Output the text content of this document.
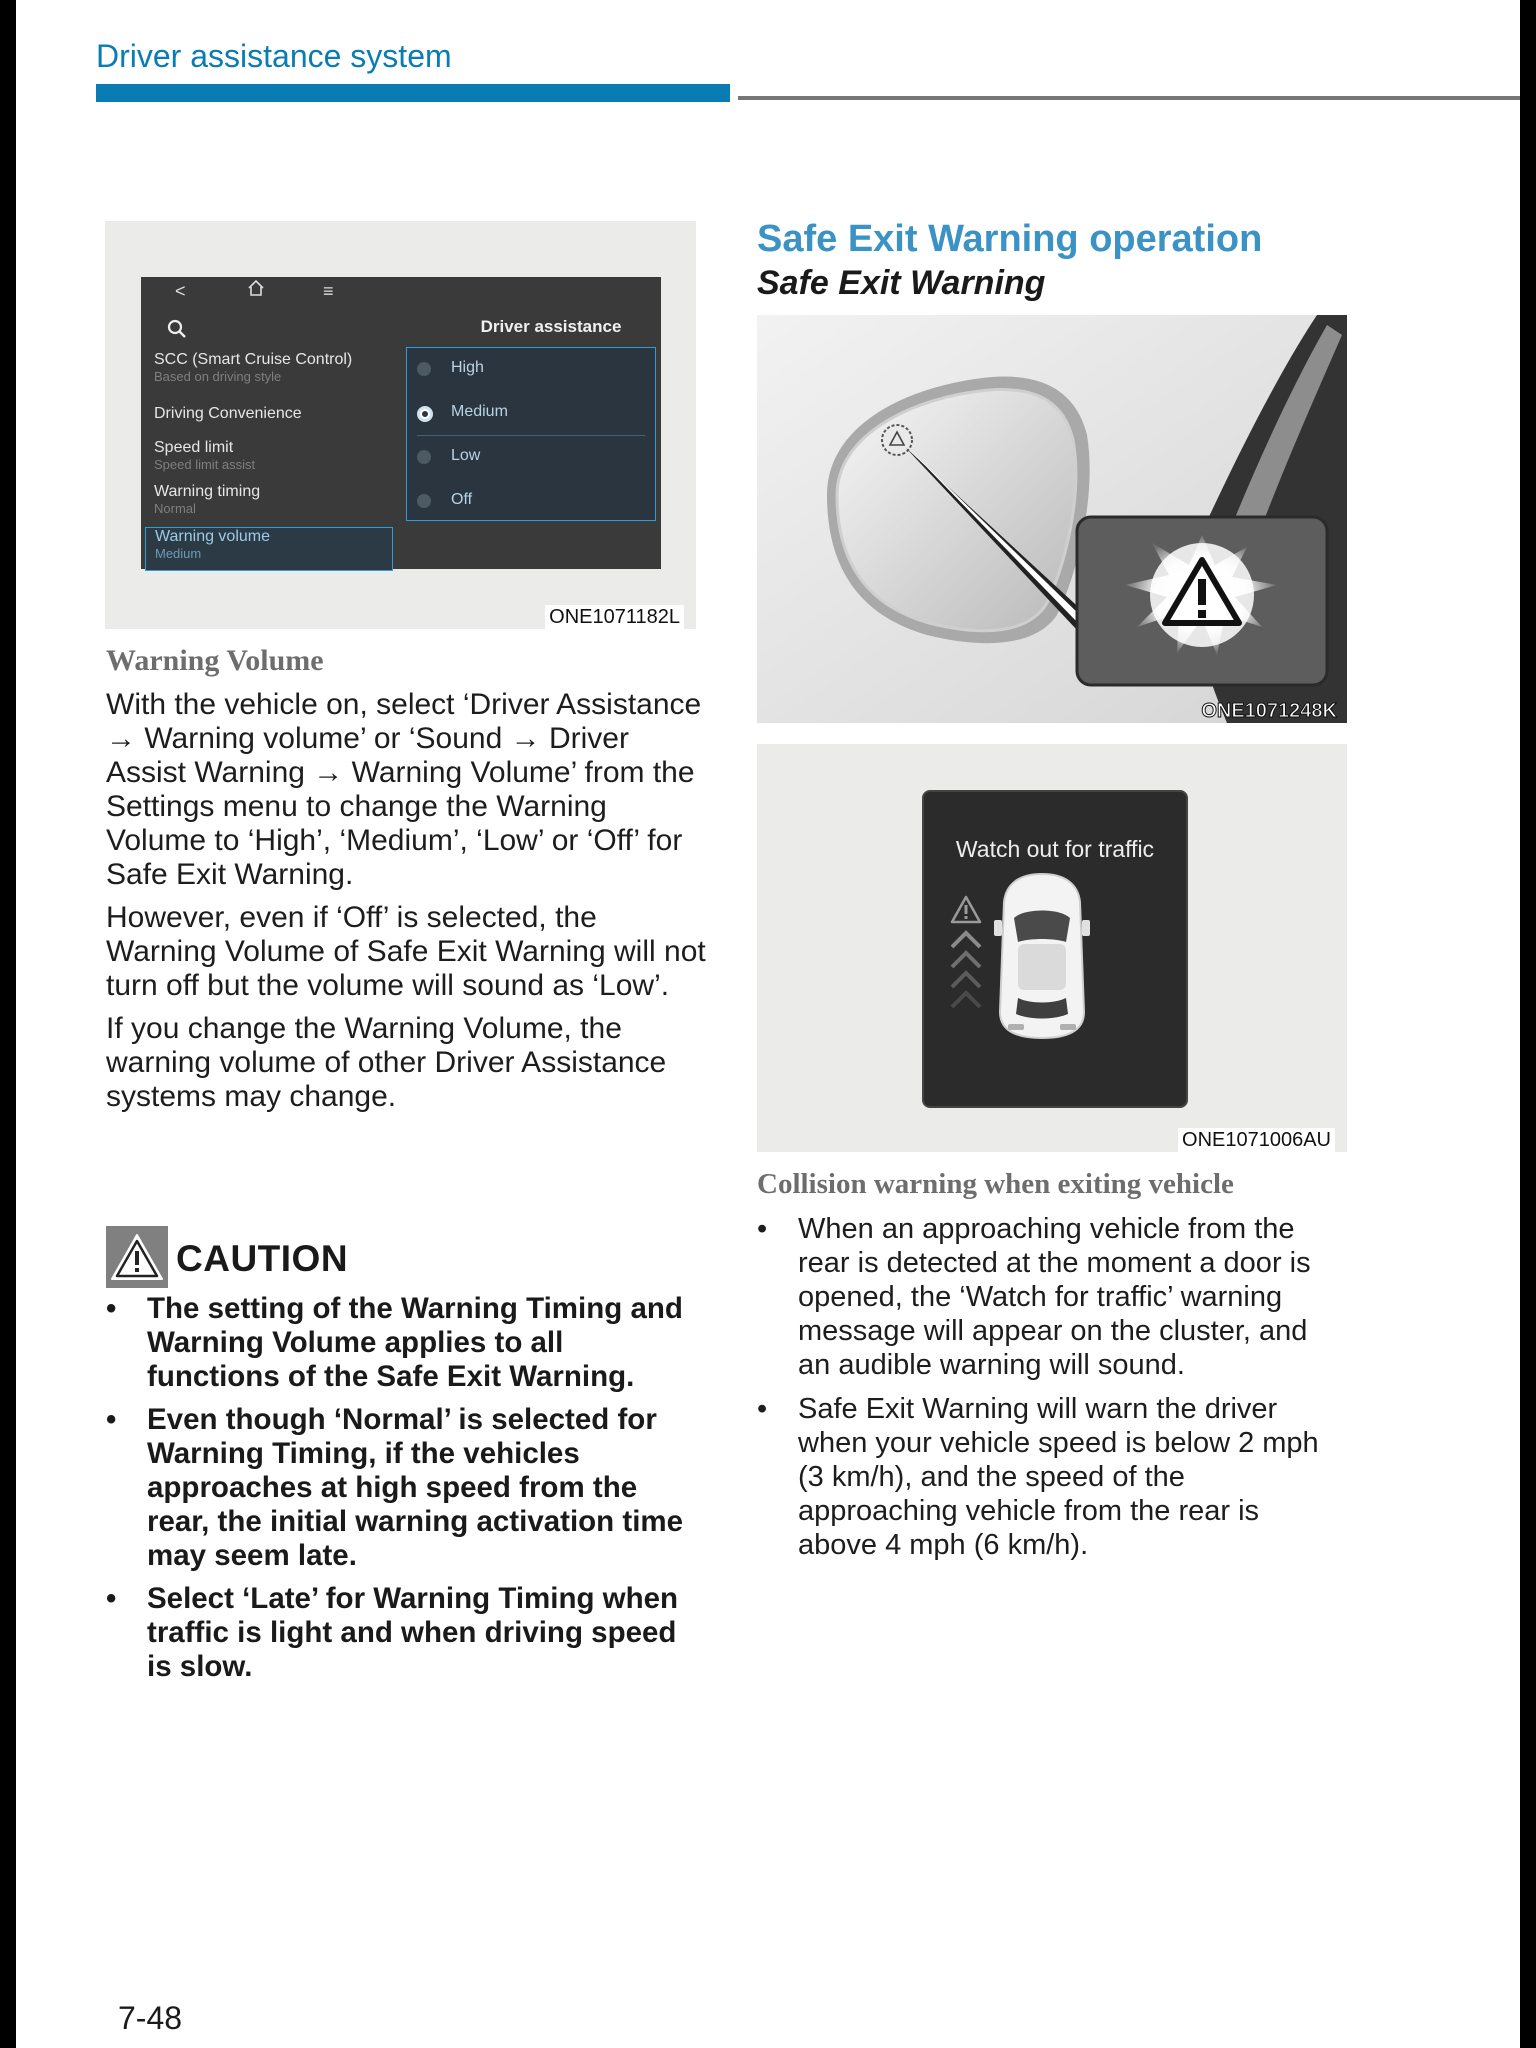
Driver assistance system
<	≡
Driver assistance
SCC (Smart Cruise Control)
Based on driving style
Driving Convenience
Speed limit
Speed limit assist
Warning timing
Normal
Warning volume
Medium
High
Medium
Low
Off
ONE1071182L
Warning Volume

With the vehicle on, select ‘Driver Assistance → Warning volume’ or ‘Sound → Driver Assist Warning → Warning Volume’ from the Settings menu to change the Warning Volume to ‘High’, ‘Medium’, ‘Low’ or ‘Off’ for Safe Exit Warning.

However, even if ‘Off’ is selected, the Warning Volume of Safe Exit Warning will not turn off but the volume will sound as ‘Low’.

If you change the Warning Volume, the warning volume of other Driver Assistance systems may change.

CAUTION
• The setting of the Warning Timing and Warning Volume applies to all functions of the Safe Exit Warning.
• Even though ‘Normal’ is selected for Warning Timing, if the vehicles approaches at high speed from the rear, the initial warning activation time may seem late.
• Select ‘Late’ for Warning Timing when traffic is light and when driving speed is slow.
Safe Exit Warning operation
Safe Exit Warning
ONE1071248K
Watch out for traffic
ONE1071006AU
Collision warning when exiting vehicle
• When an approaching vehicle from the rear is detected at the moment a door is opened, the ‘Watch for traffic’ warning message will appear on the cluster, and an audible warning will sound.
• Safe Exit Warning will warn the driver when your vehicle speed is below 2 mph (3 km/h), and the speed of the approaching vehicle from the rear is above 4 mph (6 km/h).
7-48
